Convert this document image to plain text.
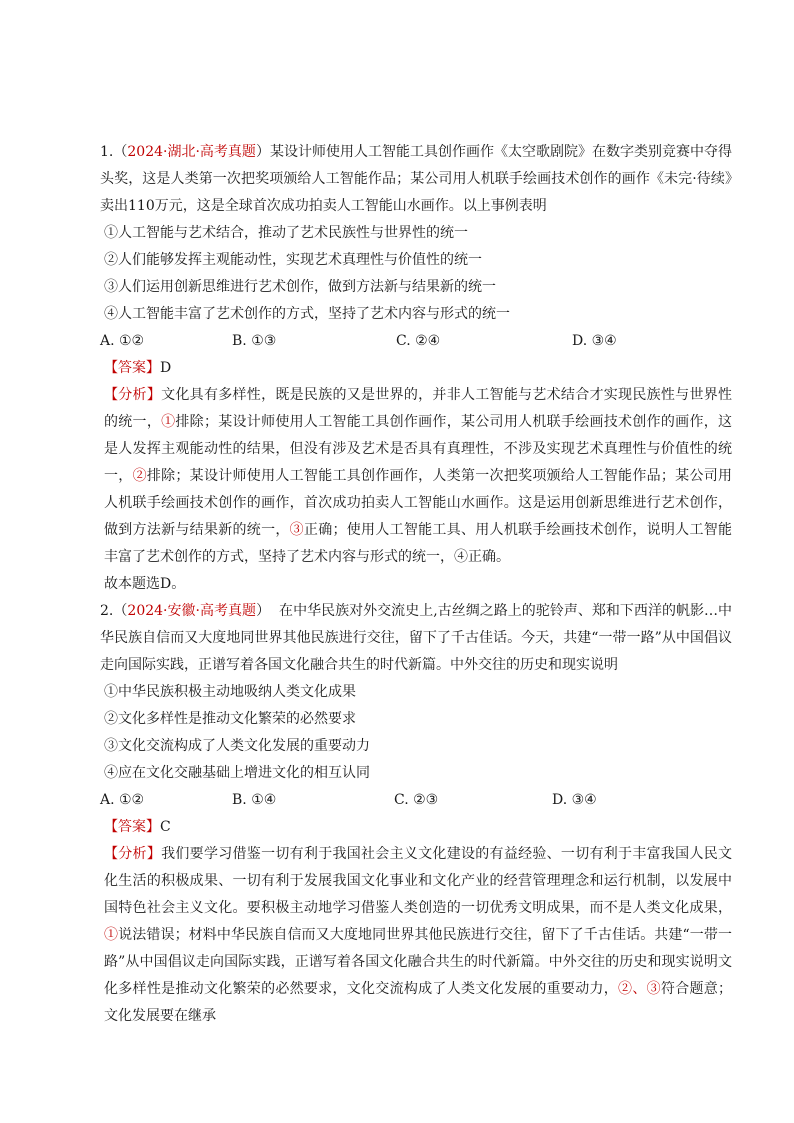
1.（2024·湖北·高考真题）某设计师使用人工智能工具创作画作《太空歌剧院》在数字类别竞赛中夺得头奖，这是人类第一次把奖项颁给人工智能作品；某公司用人机联手绘画技术创作的画作《未完·待续》卖出110万元，这是全球首次成功拍卖人工智能山水画作。以上事例表明

①人工智能与艺术结合，推动了艺术民族性与世界性的统一

②人们能够发挥主观能动性，实现艺术真理性与价值性的统一

③人们运用创新思维进行艺术创作，做到方法新与结果新的统一

④人工智能丰富了艺术创作的方式，坚持了艺术内容与形式的统一

A. ①②	B. ①③	C. ②④	D. ③④

【答案】D

【分析】文化具有多样性，既是民族的又是世界的，并非人工智能与艺术结合才实现民族性与世界性的统一，①排除；某设计师使用人工智能工具创作画作，某公司用人机联手绘画技术创作的画作，这是人发挥主观能动性的结果，但没有涉及艺术是否具有真理性，不涉及实现艺术真理性与价值性的统一，②排除；某设计师使用人工智能工具创作画作，人类第一次把奖项颁给人工智能作品；某公司用人机联手绘画技术创作的画作，首次成功拍卖人工智能山水画作。这是运用创新思维进行艺术创作，做到方法新与结果新的统一，③正确；使用人工智能工具、用人机联手绘画技术创作，说明人工智能丰富了艺术创作的方式，坚持了艺术内容与形式的统一，④正确。

故本题选D。

2.（2024·安徽·高考真题） 在中华民族对外交流史上,古丝绸之路上的驼铃声、郑和下西洋的帆影…中华民族自信而又大度地同世界其他民族进行交往，留下了千古佳话。今天，共建“一带一路”从中国倡议走向国际实践，正谱写着各国文化融合共生的时代新篇。中外交往的历史和现实说明

①中华民族积极主动地吸纳人类文化成果

②文化多样性是推动文化繁荣的必然要求

③文化交流构成了人类文化发展的重要动力

④应在文化交融基础上增进文化的相互认同

A. ①②	B. ①④	C. ②③	D. ③④

【答案】C

【分析】我们要学习借鉴一切有利于我国社会主义文化建设的有益经验、一切有利于丰富我国人民文化生活的积极成果、一切有利于发展我国文化事业和文化产业的经营管理理念和运行机制，以发展中国特色社会主义文化。要积极主动地学习借鉴人类创造的一切优秀文明成果，而不是人类文化成果，①说法错误；材料中华民族自信而又大度地同世界其他民族进行交往，留下了千古佳话。共建“一带一路”从中国倡议走向国际实践，正谱写着各国文化融合共生的时代新篇。中外交往的历史和现实说明文化多样性是推动文化繁荣的必然要求，文化交流构成了人类文化发展的重要动力，②、③符合题意；文化发展要在继承
